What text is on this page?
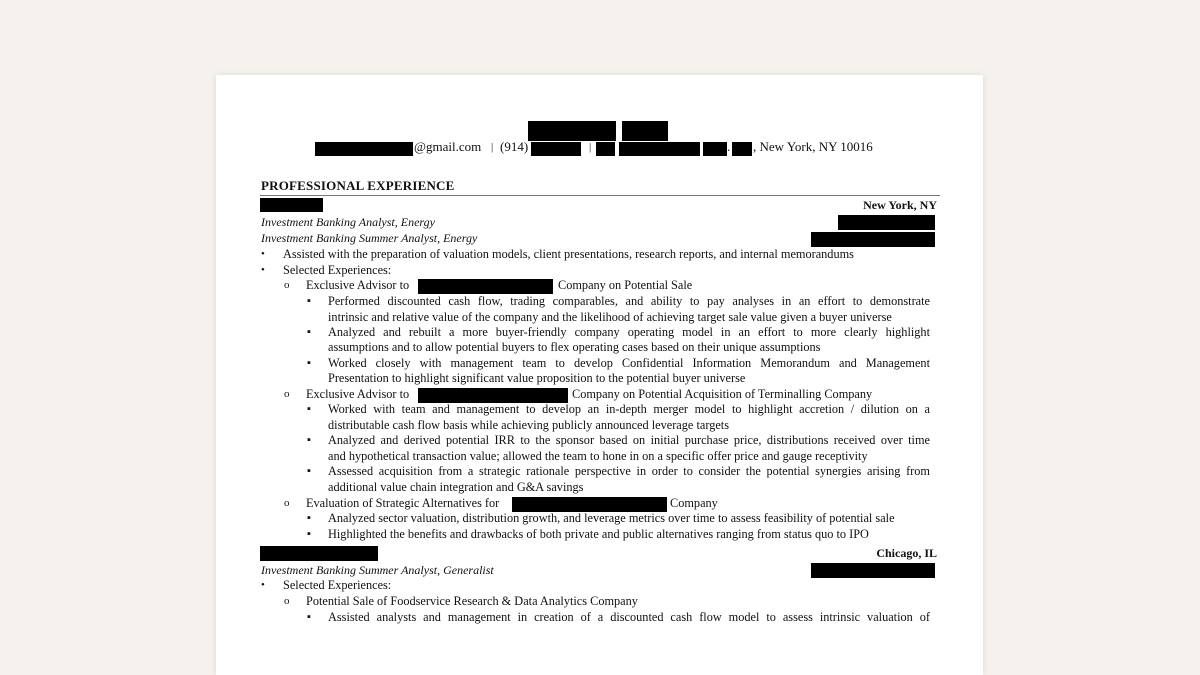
@gmail.com | (914)	|	. , New York, NY 10016
PROFESSIONAL EXPERIENCE
New York, NY
Investment Banking Analyst, Energy
Investment Banking Summer Analyst, Energy
• Assisted with the preparation of valuation models, client presentations, research reports, and internal memorandums
• Selected Experiences:
o Exclusive Advisor to	Company on Potential Sale
▪ Performed discounted cash flow, trading comparables, and ability to pay analyses in an effort to demonstrate
intrinsic and relative value of the company and the likelihood of achieving target sale value given a buyer universe
▪ Analyzed and rebuilt a more buyer-friendly company operating model in an effort to more clearly highlight
assumptions and to allow potential buyers to flex operating cases based on their unique assumptions
▪ Worked closely with management team to develop Confidential Information Memorandum and Management
Presentation to highlight significant value proposition to the potential buyer universe
o Exclusive Advisor to	Company on Potential Acquisition of Terminalling Company
▪ Worked with team and management to develop an in-depth merger model to highlight accretion / dilution on a
distributable cash flow basis while achieving publicly announced leverage targets
▪ Analyzed and derived potential IRR to the sponsor based on initial purchase price, distributions received over time
and hypothetical transaction value; allowed the team to hone in on a specific offer price and gauge receptivity
▪ Assessed acquisition from a strategic rationale perspective in order to consider the potential synergies arising from
additional value chain integration and G&A savings
o Evaluation of Strategic Alternatives for	Company
▪ Analyzed sector valuation, distribution growth, and leverage metrics over time to assess feasibility of potential sale
▪ Highlighted the benefits and drawbacks of both private and public alternatives ranging from status quo to IPO
Chicago, IL
Investment Banking Summer Analyst, Generalist
• Selected Experiences:
o Potential Sale of Foodservice Research & Data Analytics Company
▪ Assisted analysts and management in creation of a discounted cash flow model to assess intrinsic valuation of
